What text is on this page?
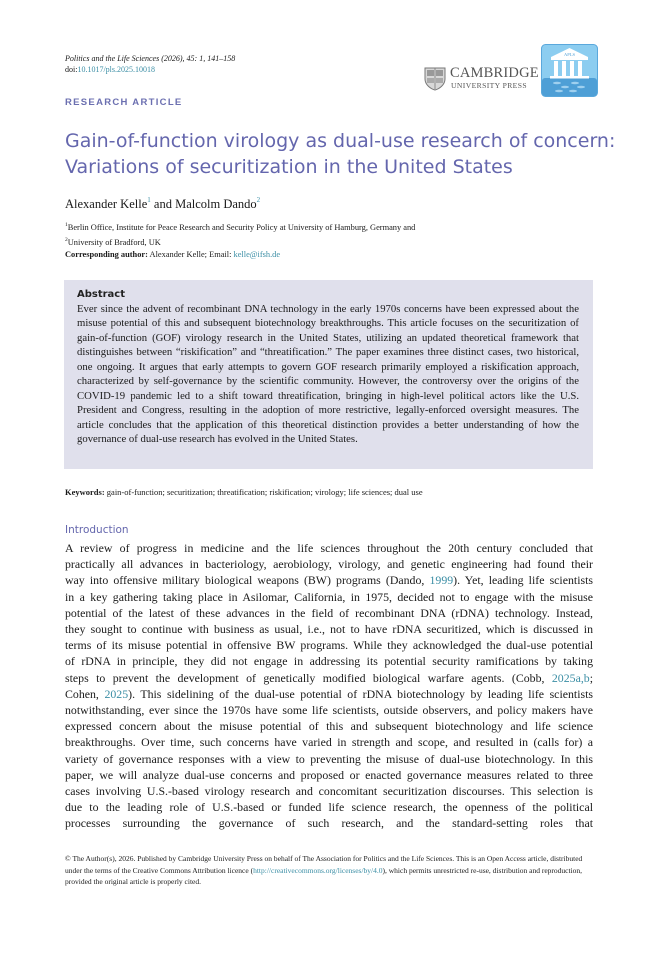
Politics and the Life Sciences (2026), 45: 1, 141–158
doi:10.1017/pls.2025.10018
RESEARCH ARTICLE
CAMBRIDGE
UNIVERSITY PRESS
APLS
Gain-of-function virology as dual-use research of concern:
Variations of securitization in the United States
Alexander Kelle$^1$ and Malcolm Dando$^2$
$^1$Berlin Office, Institute for Peace Research and Security Policy at University of Hamburg, Germany and
$^2$University of Bradford, UK
Corresponding author: Alexander Kelle; Email: kelle@ifsh.de
Abstract
Ever since the advent of recombinant DNA technology in the early 1970s concerns have been expressed about the misuse potential of this and subsequent biotechnology breakthroughs. This article focuses on the securitization of gain-of-function (GOF) virology research in the United States, utilizing an updated theoretical framework that distinguishes between “riskification” and “threatification.” The paper examines three distinct cases, two historical, one ongoing. It argues that early attempts to govern GOF research primarily employed a riskification approach, characterized by self-governance by the scientific community. However, the controversy over the origins of the COVID-19 pandemic led to a shift toward threatification, bringing in high-level political actors like the U.S. President and Congress, resulting in the adoption of more restrictive, legally-enforced oversight measures. The article concludes that the application of this theoretical distinction provides a better understanding of how the governance of dual-use research has evolved in the United States.
Keywords: gain-of-function; securitization; threatification; riskification; virology; life sciences; dual use
Introduction
A review of progress in medicine and the life sciences throughout the 20th century concluded that
practically all advances in bacteriology, aerobiology, virology, and genetic engineering had found their
way into offensive military biological weapons (BW) programs (Dando, 1999). Yet, leading life scientists
in a key gathering taking place in Asilomar, California, in 1975, decided not to engage with the misuse
potential of the latest of these advances in the field of recombinant DNA (rDNA) technology. Instead,
they sought to continue with business as usual, i.e., not to have rDNA securitized, which is discussed in
terms of its misuse potential in offensive BW programs. While they acknowledged the dual-use potential
of rDNA in principle, they did not engage in addressing its potential security ramifications by taking
steps to prevent the development of genetically modified biological warfare agents. (Cobb, 2025a,b;
Cohen, 2025). This sidelining of the dual-use potential of rDNA biotechnology by leading life scientists
notwithstanding, ever since the 1970s have some life scientists, outside observers, and policy makers have
expressed concern about the misuse potential of this and subsequent biotechnology and life science
breakthroughs. Over time, such concerns have varied in strength and scope, and resulted in (calls for) a
variety of governance responses with a view to preventing the misuse of dual-use biotechnology. In this
paper, we will analyze dual-use concerns and proposed or enacted governance measures related to three
cases involving U.S.-based virology research and concomitant securitization discourses. This selection is
due to the leading role of U.S.-based or funded life science research, the openness of the political
processes surrounding the governance of such research, and the standard-setting roles that
© The Author(s), 2026. Published by Cambridge University Press on behalf of The Association for Politics and the Life Sciences. This is an Open Access article, distributed under the terms of the Creative Commons Attribution licence (http://creativecommons.org/licenses/by/4.0), which permits unrestricted re-use, distribution and reproduction, provided the original article is properly cited.
